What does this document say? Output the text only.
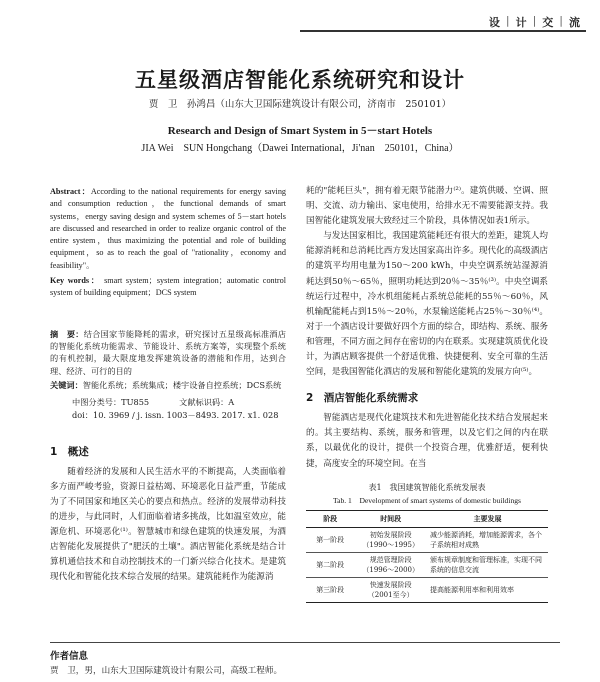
设 | 计 | 交 | 流
五星级酒店智能化系统研究和设计
贾　卫　孙鸿昌（山东大卫国际建筑设计有限公司，济南市　250101）
Research and Design of Smart System in 5－start Hotels
JIA Wei　SUN Hongchang（Dawei International，Ji'nan　250101，China）
Abstract：According to the national requirements for energy saving and consumption reduction，the functional demands of smart systems，energy saving design and system schemes of 5－start hotels are discussed and researched in order to realize organic control of the entire system，thus maximizing the potential and role of building equipment，so as to reach the goal of "rationality，economy and feasibility"。
Key words： smart system；system integration；automatic control system of building equipment；DCS system
摘　要：结合国家节能降耗的需求，研究探讨五星级高标准酒店的智能化系统功能需求、节能设计、系统方案等，实现整个系统的有机控制，最大限度地发挥建筑设备的潜能和作用，达到合理、经济、可行的目的
关键词：智能化系统；系统集成；楼宇设备自控系统；DCS系统
中图分类号：TU855	文献标识码：A
doi：10. 3969 / j. issn. 1003－8493. 2017. x1. 028
1　概述
随着经济的发展和人民生活水平的不断提高，人类面临着多方面严峻考验，资源日益枯竭、环境恶化日益严重，节能成为了不同国家和地区关心的要点和热点。经济的发展带动科技的进步，与此同时，人们面临着诸多挑战，比如温室效应，能源危机、环境恶化⁽¹⁾。智慧城市和绿色建筑的快速发展，为酒店智能化发展提供了"肥沃的土壤"。酒店智能化系统是结合计算机通信技术和自动控制技术的一门新兴综合化技术。是建筑现代化和智能化技术综合发展的结果。建筑能耗作为能源消
耗的"能耗巨头"，拥有着无限节能潜力⁽²⁾。建筑供暖、空调、照明、交流、动力输出、家电使用，给排水无不需要能源支持。我国智能化建筑发展大致经过三个阶段，具体情况如表1所示。
与发达国家相比，我国建筑能耗还有很大的差距，建筑人均能源消耗和总消耗比西方发达国家高出许多。现代化的高级酒店的建筑平均用电量为150～200 kWh，中央空调系统站湿源消耗达到50％～65％，照明功耗达到20％～35％⁽³⁾。中央空调系统运行过程中，冷水机组能耗占系统总能耗的55％～60％，风机输配能耗占到15％～20％，水泵输送能耗占25％～30％⁽⁴⁾。对于一个酒店设计要做好四个方面的综合，即结构、系统、服务和管理，不同方面之间存在密切的内在联系。实现建筑质优化设计，为酒店顾客提供一个舒适优雅、快捷便利、安全可靠的生活空间，是我国智能化酒店的发展和智能化建筑的发展方向⁽⁵⁾。
2　酒店智能化系统需求
智能酒店是现代化建筑技术和先进智能化技术结合发展起来的。其主要结构、系统，服务和管理，以及它们之间的内在联系，以最优化的设计，提供一个投资合理，优雅舒适，便利快捷，高度安全的环境空间。在当
表1　我国建筑智能化系统发展表
Tab. 1　Development of smart systems of domestic buildings
阶段	时间段	主要发展
第一阶段	初始发展阶段（1990～1995）	减少能源消耗，增加能源需求，各个子系统相对成熟
第二阶段	规范管理阶段（1996～2000）	颁布规章制度和管理标准，实现不同系统的信息交流
第三阶段	快速发展阶段（2001至今）	提高能源利用率和利用效率
作者信息
贾　卫，男，山东大卫国际建筑设计有限公司，高级工程师。
